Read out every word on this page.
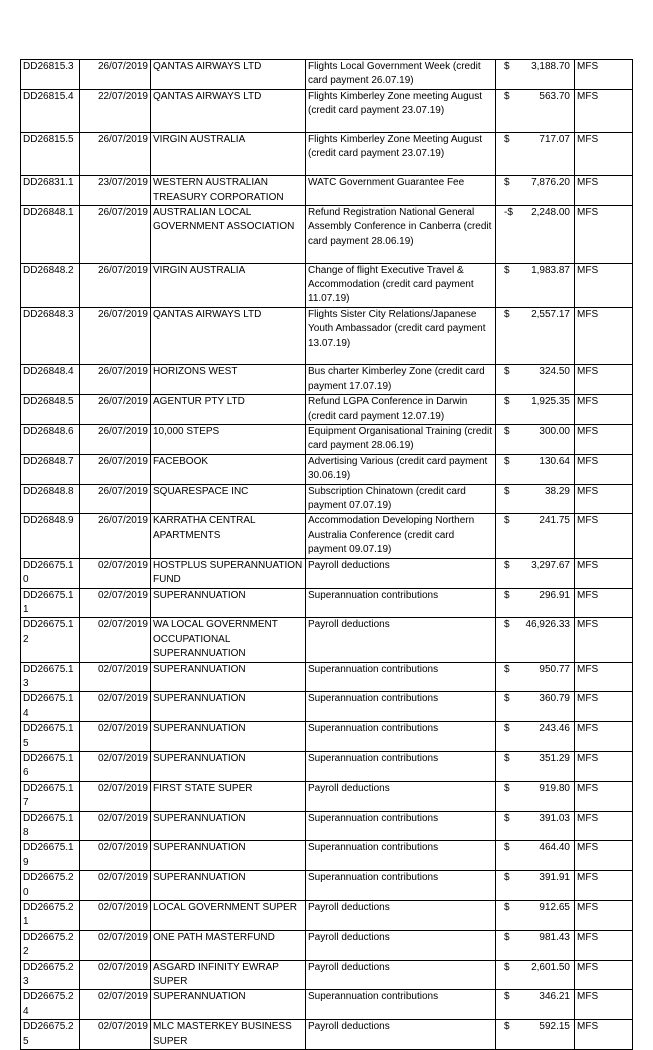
DD26815.3	26/07/2019	QANTAS AIRWAYS LTD	Flights Local Government Week (credit card payment 26.07.19)	$ 3,188.70	MFS
DD26815.4	22/07/2019	QANTAS AIRWAYS LTD	Flights Kimberley Zone meeting August (credit card payment 23.07.19)	$ 563.70	MFS
DD26815.5	26/07/2019	VIRGIN AUSTRALIA	Flights Kimberley Zone Meeting August (credit card payment 23.07.19)	$ 717.07	MFS
DD26831.1	23/07/2019	WESTERN AUSTRALIAN TREASURY CORPORATION	WATC Government Guarantee Fee	$ 7,876.20	MFS
DD26848.1	26/07/2019	AUSTRALIAN LOCAL GOVERNMENT ASSOCIATION	Refund Registration National General Assembly Conference in Canberra (credit card payment 28.06.19)	-$ 2,248.00	MFS
DD26848.2	26/07/2019	VIRGIN AUSTRALIA	Change of flight Executive Travel & Accommodation (credit card payment 11.07.19)	$ 1,983.87	MFS
DD26848.3	26/07/2019	QANTAS AIRWAYS LTD	Flights Sister City Relations/Japanese Youth Ambassador (credit card payment 13.07.19)	$ 2,557.17	MFS
DD26848.4	26/07/2019	HORIZONS WEST	Bus charter Kimberley Zone (credit card payment 17.07.19)	$ 324.50	MFS
DD26848.5	26/07/2019	AGENTUR PTY LTD	Refund LGPA Conference in Darwin (credit card payment 12.07.19)	$ 1,925.35	MFS
DD26848.6	26/07/2019	10,000 STEPS	Equipment Organisational Training (credit card payment 28.06.19)	$ 300.00	MFS
DD26848.7	26/07/2019	FACEBOOK	Advertising Various (credit card payment 30.06.19)	$ 130.64	MFS
DD26848.8	26/07/2019	SQUARESPACE INC	Subscription Chinatown (credit card payment 07.07.19)	$ 38.29	MFS
DD26848.9	26/07/2019	KARRATHA CENTRAL APARTMENTS	Accommodation Developing Northern Australia Conference (credit card payment 09.07.19)	$ 241.75	MFS
DD26675.10	02/07/2019	HOSTPLUS SUPERANNUATION FUND	Payroll deductions	$ 3,297.67	MFS
DD26675.11	02/07/2019	SUPERANNUATION	Superannuation contributions	$ 296.91	MFS
DD26675.12	02/07/2019	WA LOCAL GOVERNMENT OCCUPATIONAL SUPERANNUATION	Payroll deductions	$ 46,926.33	MFS
DD26675.13	02/07/2019	SUPERANNUATION	Superannuation contributions	$ 950.77	MFS
DD26675.14	02/07/2019	SUPERANNUATION	Superannuation contributions	$ 360.79	MFS
DD26675.15	02/07/2019	SUPERANNUATION	Superannuation contributions	$ 243.46	MFS
DD26675.16	02/07/2019	SUPERANNUATION	Superannuation contributions	$ 351.29	MFS
DD26675.17	02/07/2019	FIRST STATE SUPER	Payroll deductions	$ 919.80	MFS
DD26675.18	02/07/2019	SUPERANNUATION	Superannuation contributions	$ 391.03	MFS
DD26675.19	02/07/2019	SUPERANNUATION	Superannuation contributions	$ 464.40	MFS
DD26675.20	02/07/2019	SUPERANNUATION	Superannuation contributions	$ 391.91	MFS
DD26675.21	02/07/2019	LOCAL GOVERNMENT SUPER	Payroll deductions	$ 912.65	MFS
DD26675.22	02/07/2019	ONE PATH MASTERFUND	Payroll deductions	$ 981.43	MFS
DD26675.23	02/07/2019	ASGARD INFINITY EWRAP SUPER	Payroll deductions	$ 2,601.50	MFS
DD26675.24	02/07/2019	SUPERANNUATION	Superannuation contributions	$ 346.21	MFS
DD26675.25	02/07/2019	MLC MASTERKEY BUSINESS SUPER	Payroll deductions	$ 592.15	MFS
